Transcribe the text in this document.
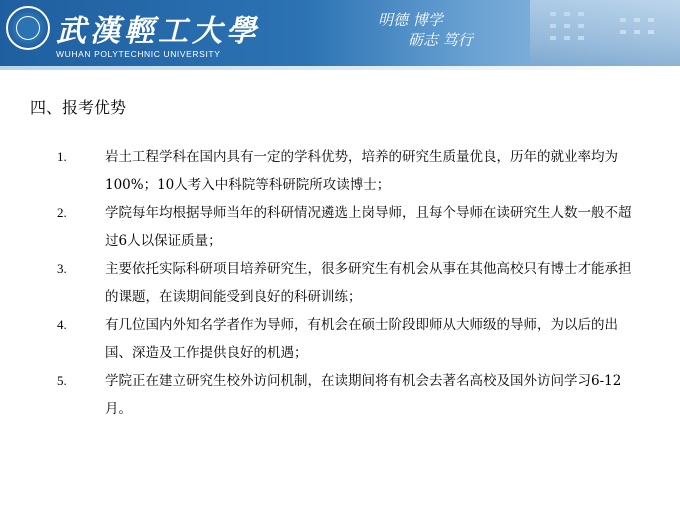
武漢輕工大學
WUHAN POLYTECHNIC UNIVERSITY
明德 博学
砺志 笃行
四、报考优势
1.	岩土工程学科在国内具有一定的学科优势，培养的研究生质量优良，历年的就业率均为100%；10人考入中科院等科研院所攻读博士；
2.	学院每年均根据导师当年的科研情况遴选上岗导师，且每个导师在读研究生人数一般不超过6人以保证质量；
3.	主要依托实际科研项目培养研究生，很多研究生有机会从事在其他高校只有博士才能承担的课题，在读期间能受到良好的科研训练；
4.	有几位国内外知名学者作为导师，有机会在硕士阶段即师从大师级的导师，为以后的出国、深造及工作提供良好的机遇；
5.	学院正在建立研究生校外访问机制，在读期间将有机会去著名高校及国外访问学习6-12月。
